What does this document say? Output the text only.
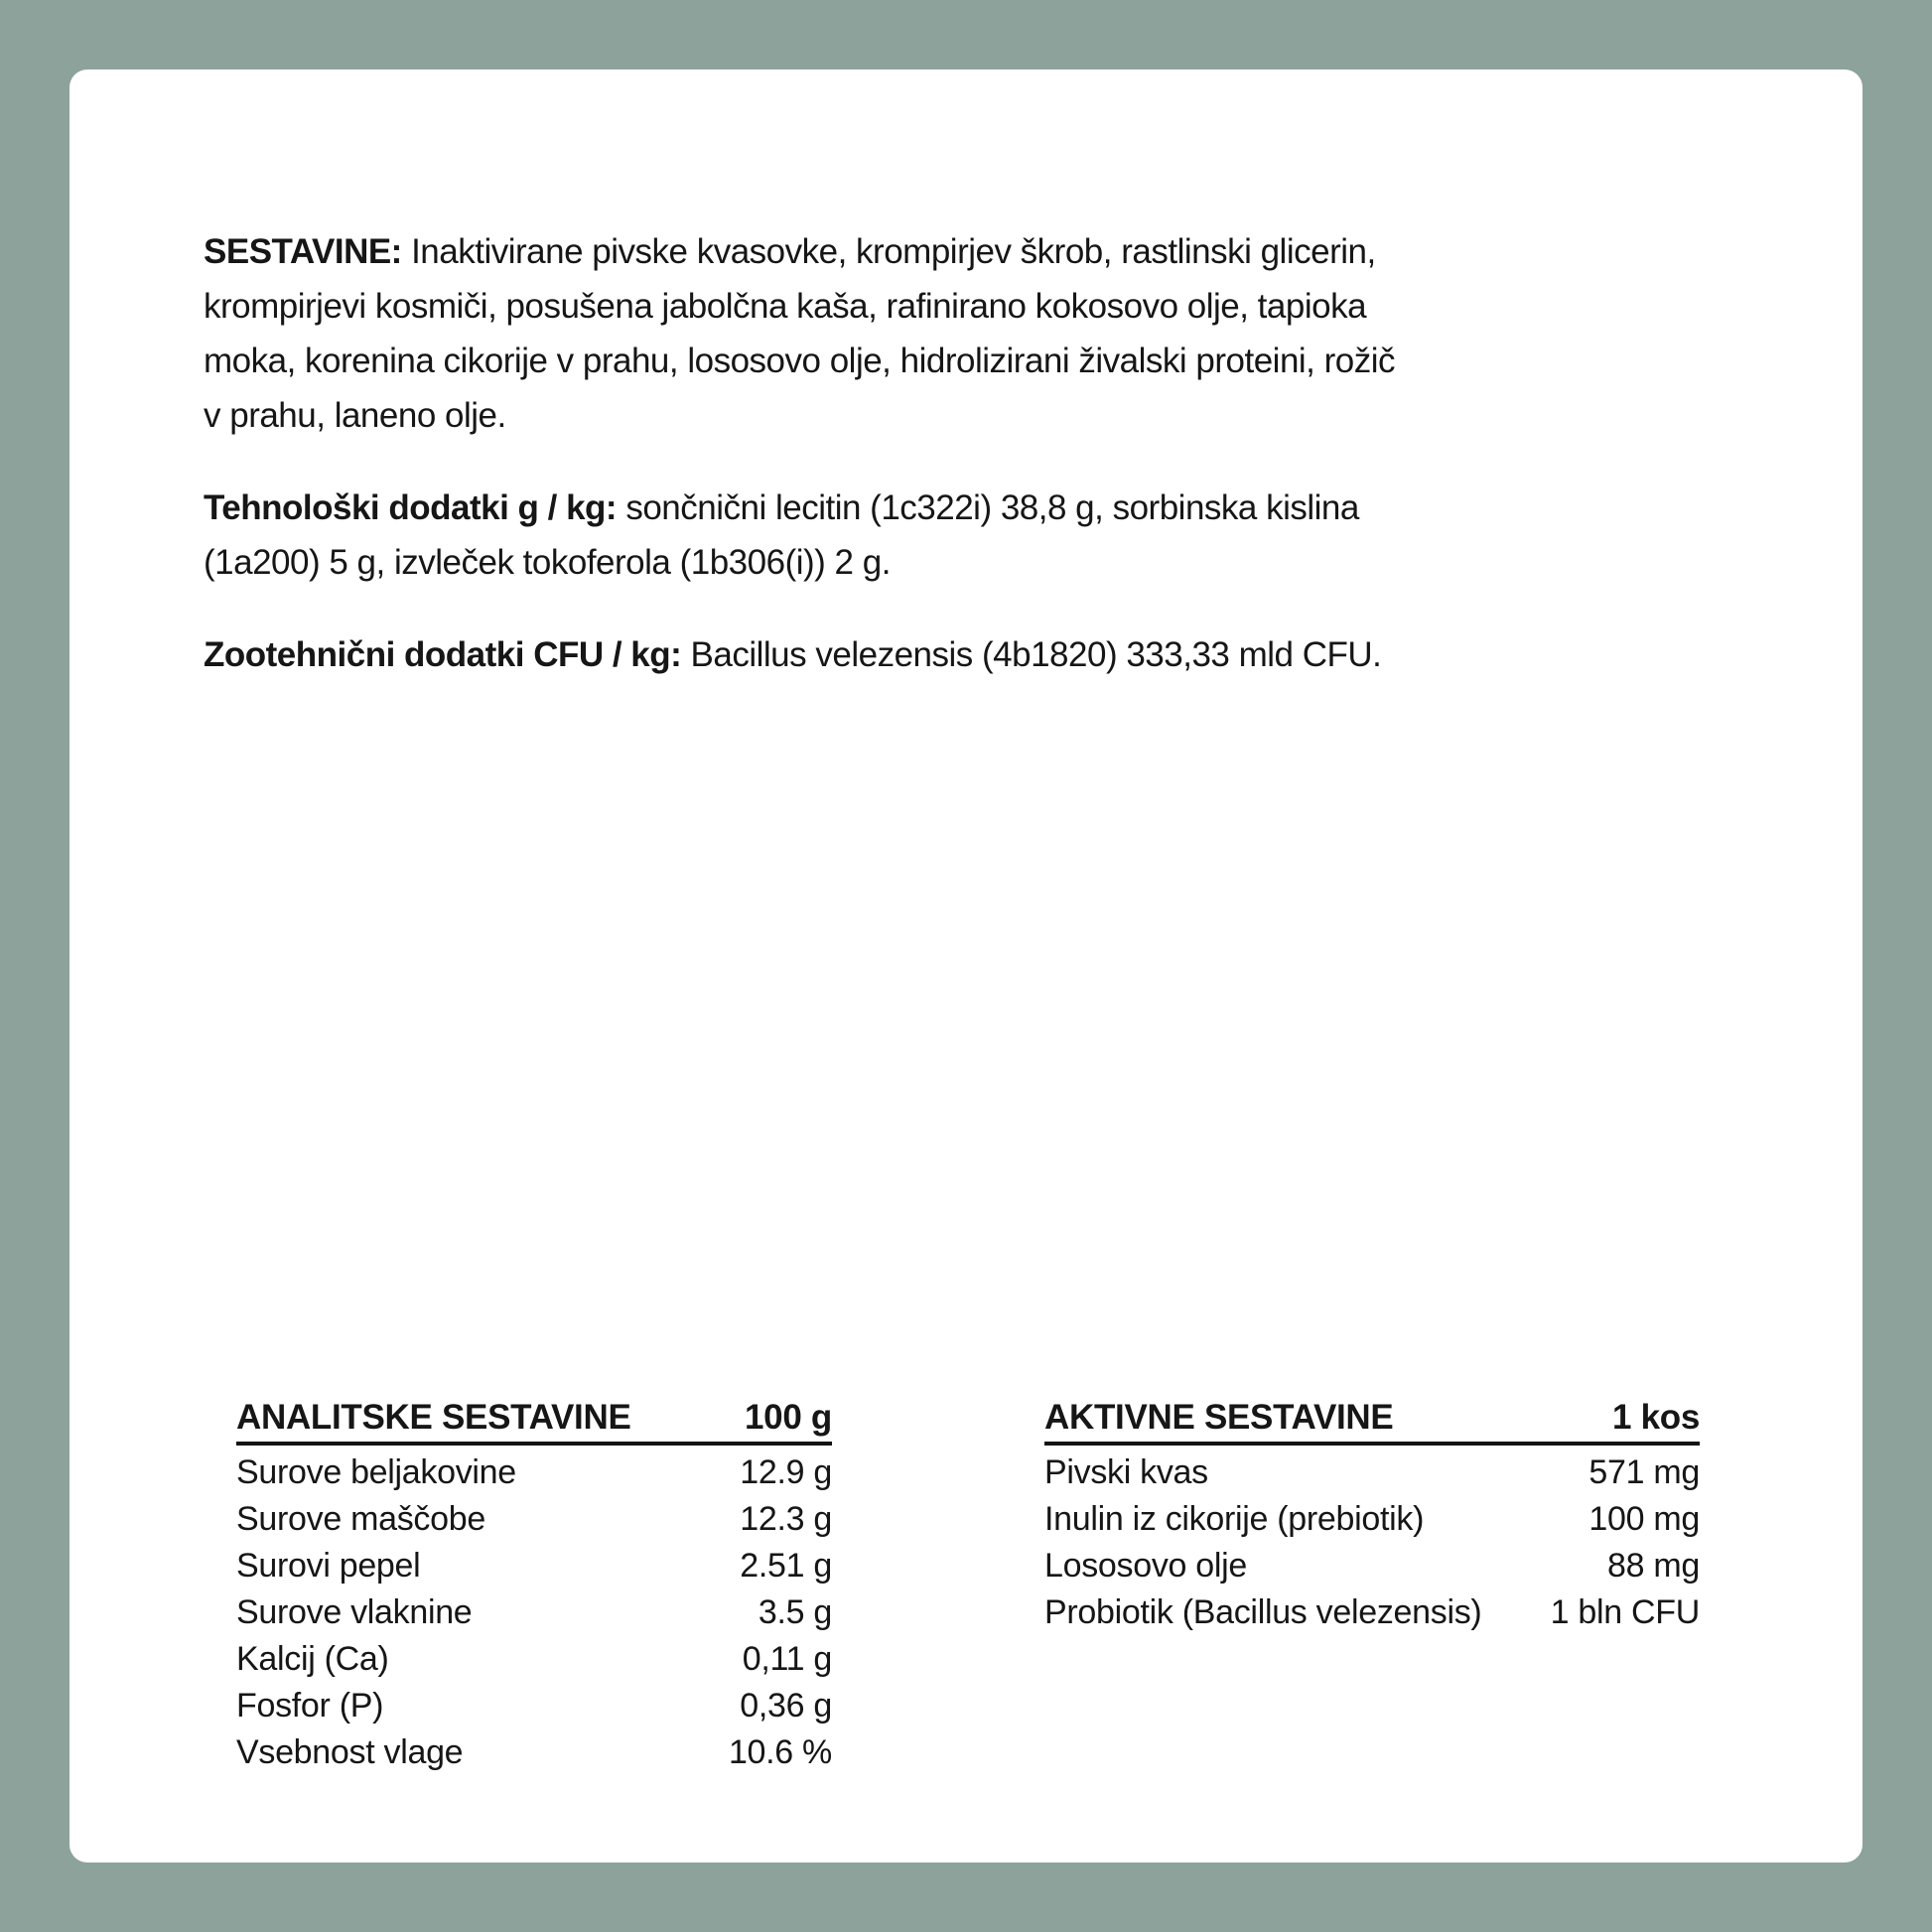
SESTAVINE: Inaktivirane pivske kvasovke, krompirjev škrob, rastlinski glicerin,
krompirjevi kosmiči, posušena jabolčna kaša, rafinirano kokosovo olje, tapioka
moka, korenina cikorije v prahu, lososovo olje, hidrolizirani živalski proteini, rožič
v prahu, laneno olje.

Tehnološki dodatki g / kg: sončnični lecitin (1c322i) 38,8 g, sorbinska kislina
(1a200) 5 g, izvleček tokoferola (1b306(i)) 2 g.

Zootehnični dodatki CFU / kg: Bacillus velezensis (4b1820) 333,33 mld CFU.

ANALITSKE SESTAVINE	100 g
Surove beljakovine	12.9 g
Surove maščobe	12.3 g
Surovi pepel	2.51 g
Surove vlaknine	3.5 g
Kalcij (Ca)	0,11 g
Fosfor (P)	0,36 g
Vsebnost vlage	10.6 %
AKTIVNE SESTAVINE	1 kos
Pivski kvas	571 mg
Inulin iz cikorije (prebiotik)	100 mg
Lososovo olje	88 mg
Probiotik (Bacillus velezensis) 1 bln CFU
